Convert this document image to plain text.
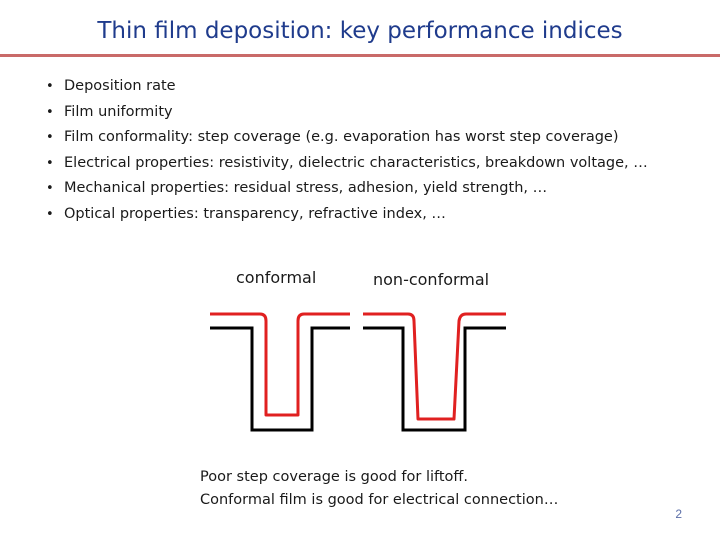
Thin film deposition: key performance indices
• Deposition rate
• Film uniformity
• Film conformality: step coverage (e.g. evaporation has worst step coverage)
• Electrical properties: resistivity, dielectric characteristics, breakdown voltage, …
• Mechanical properties: residual stress, adhesion, yield strength, …
• Optical properties: transparency, refractive index, …
conformal	non-conformal
Poor step coverage is good for liftoff.
Conformal film is good for electrical connection…
2
